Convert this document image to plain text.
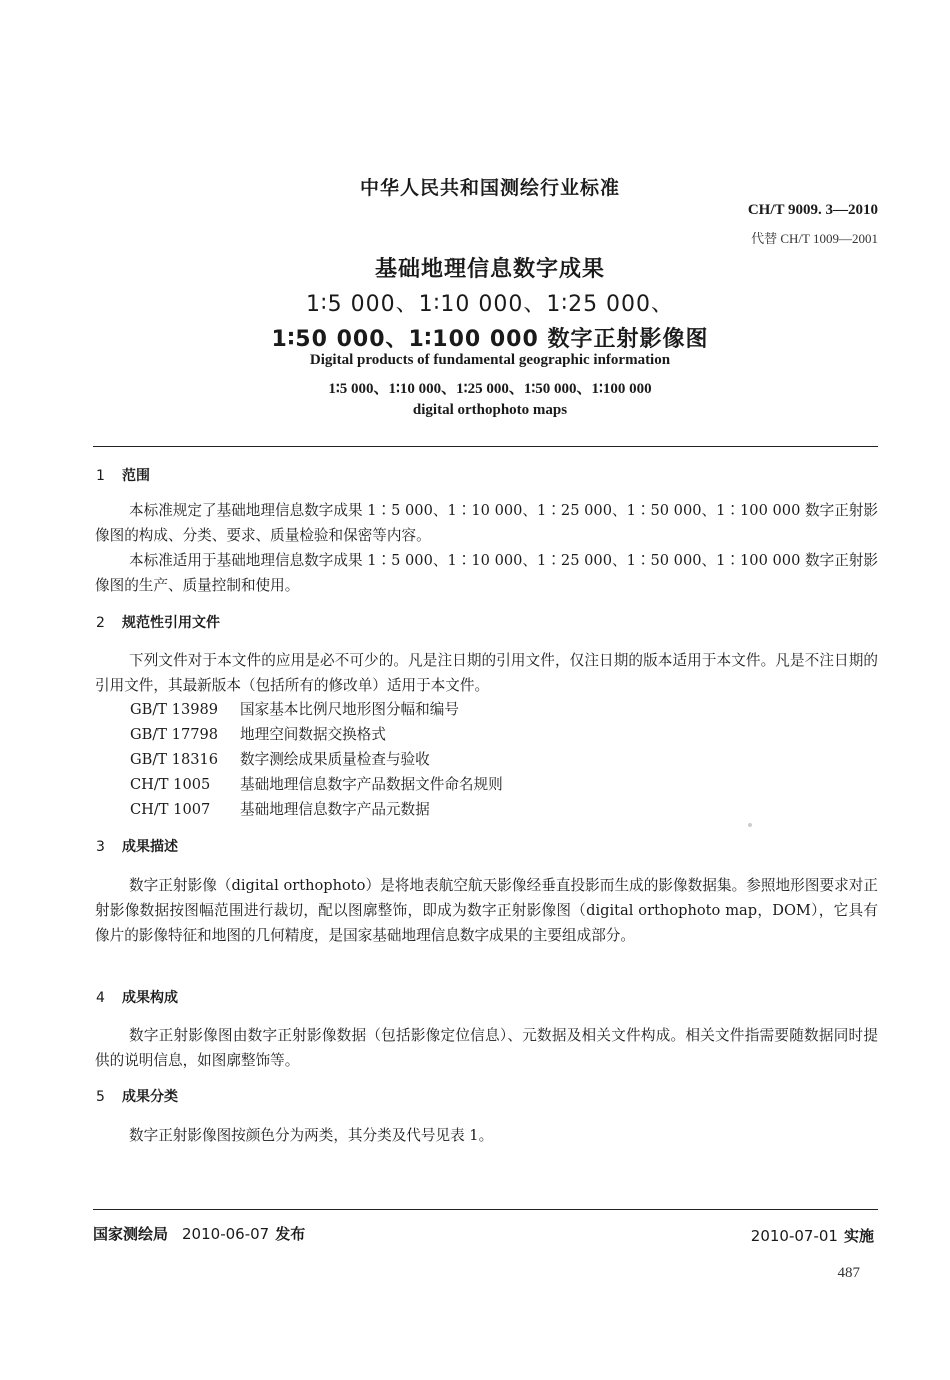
中华人民共和国测绘行业标准
CH/T 9009. 3—2010
代替 CH/T 1009—2001
基础地理信息数字成果
1∶5 000、1∶10 000、1∶25 000、
1∶50 000、1∶100 000 数字正射影像图
Digital products of fundamental geographic information
1∶5 000、1∶10 000、1∶25 000、1∶50 000、1∶100 000
digital orthophoto maps
1 范围
本标准规定了基础地理信息数字成果 1∶5 000、1∶10 000、1∶25 000、1∶50 000、1∶100 000 数字正射影像图的构成、分类、要求、质量检验和保密等内容。
本标准适用于基础地理信息数字成果 1∶5 000、1∶10 000、1∶25 000、1∶50 000、1∶100 000 数字正射影像图的生产、质量控制和使用。
2 规范性引用文件
下列文件对于本文件的应用是必不可少的。凡是注日期的引用文件，仅注日期的版本适用于本文件。凡是不注日期的引用文件，其最新版本（包括所有的修改单）适用于本文件。
GB/T 13989 国家基本比例尺地形图分幅和编号
GB/T 17798 地理空间数据交换格式
GB/T 18316 数字测绘成果质量检查与验收
CH/T 1005 基础地理信息数字产品数据文件命名规则
CH/T 1007 基础地理信息数字产品元数据
3 成果描述
数字正射影像（digital orthophoto）是将地表航空航天影像经垂直投影而生成的影像数据集。参照地形图要求对正射影像数据按图幅范围进行裁切，配以图廓整饰，即成为数字正射影像图（digital orthophoto map，DOM），它具有像片的影像特征和地图的几何精度，是国家基础地理信息数字成果的主要组成部分。
4 成果构成
数字正射影像图由数字正射影像数据（包括影像定位信息）、元数据及相关文件构成。相关文件指需要随数据同时提供的说明信息，如图廓整饰等。
5 成果分类
数字正射影像图按颜色分为两类，其分类及代号见表 1。
国家测绘局 2010-06-07 发布	2010-07-01 实施
487
